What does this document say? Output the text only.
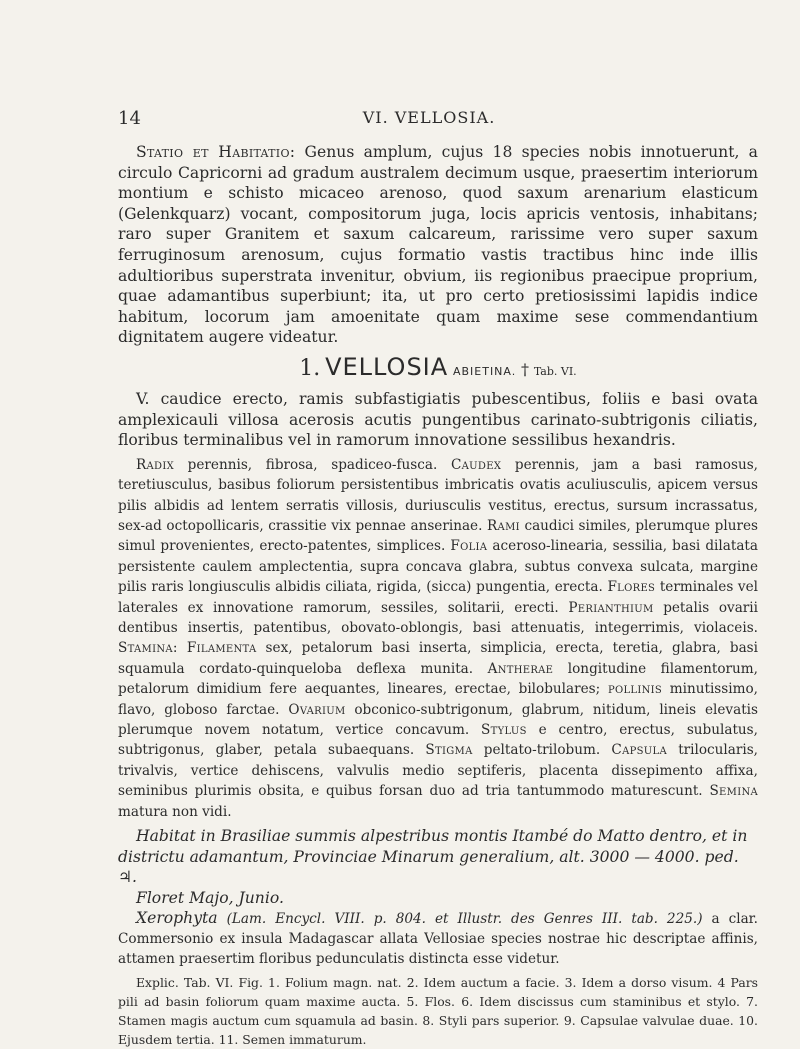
14	VI. VELLOSIA.

Statio et Habitatio: Genus amplum, cujus 18 species nobis innotuerunt, a circulo Capricorni ad gradum australem decimum usque, praesertim interiorum montium e schisto micaceo arenoso, quod saxum arenarium elasticum (Gelenkquarz) vocant, compositorum juga, locis apricis ventosis, inhabitans; raro super Granitem et saxum calcareum, rarissime vero super saxum ferruginosum arenosum, cujus formatio vastis tractibus hinc inde illis adultioribus superstrata invenitur, obvium, iis regionibus praecipue proprium, quae adamantibus superbiunt; ita, ut pro certo pretiosissimi lapidis indice habitum, locorum jam amoenitate quam maxime sese commendantium dignitatem augere videatur.

1. VELLOSIA ABIETINA. † Tab. VI.

V. caudice erecto, ramis subfastigiatis pubescentibus, foliis e basi ovata amplexicauli villosa acerosis acutis pungentibus carinato-subtrigonis ciliatis, floribus terminalibus vel in ramorum innovatione sessilibus hexandris.

Radix perennis, fibrosa, spadiceo-fusca. Caudex perennis, jam a basi ramosus, teretiusculus, basibus foliorum persistentibus imbricatis ovatis aculiusculis, apicem versus pilis albidis ad lentem serratis villosis, duriusculis vestitus, erectus, sursum incrassatus, sex-ad octopollicaris, crassitie vix pennae anserinae. Rami caudici similes, plerumque plures simul provenientes, erecto-patentes, simplices. Folia aceroso-linearia, sessilia, basi dilatata persistente caulem amplectentia, supra concava glabra, subtus convexa sulcata, margine pilis raris longiusculis albidis ciliata, rigida, (sicca) pungentia, erecta. Flores terminales vel laterales ex innovatione ramorum, sessiles, solitarii, erecti. Perianthium petalis ovarii dentibus insertis, patentibus, obovato-oblongis, basi attenuatis, integerrimis, violaceis. Stamina: Filamenta sex, petalorum basi inserta, simplicia, erecta, teretia, glabra, basi squamula cordato-quinqueloba deflexa munita. Antherae longitudine filamentorum, petalorum dimidium fere aequantes, lineares, erectae, bilobulares; pollinis minutissimo, flavo, globoso farctae. Ovarium obconico-subtrigonum, glabrum, nitidum, lineis elevatis plerumque novem notatum, vertice concavum. Stylus e centro, erectus, subulatus, subtrigonus, glaber, petala subaequans. Stigma peltato-trilobum. Capsula trilocularis, trivalvis, vertice dehiscens, valvulis medio septiferis, placenta dissepimento affixa, seminibus plurimis obsita, e quibus forsan duo ad tria tantummodo maturescunt. Semina matura non vidi.

Habitat in Brasiliae summis alpestribus montis Itambé do Matto dentro, et in districtu adamantum, Provinciae Minarum generalium, alt. 3000 — 4000. ped. ♃.

Floret Majo, Junio.

Xerophyta (Lam. Encycl. VIII. p. 804. et Illustr. des Genres III. tab. 225.) a clar. Commersonio ex insula Madagascar allata Vellosiae species nostrae hic descriptae affinis, attamen praesertim floribus pedunculatis distincta esse videtur.

Explic. Tab. VI. Fig. 1. Folium magn. nat. 2. Idem auctum a facie. 3. Idem a dorso visum. 4 Pars pili ad basin foliorum quam maxime aucta. 5. Flos. 6. Idem discissus cum staminibus et stylo. 7. Stamen magis auctum cum squamula ad basin. 8. Styli pars superior. 9. Capsulae valvulae duae. 10. Ejusdem tertia. 11. Semen immaturum.
